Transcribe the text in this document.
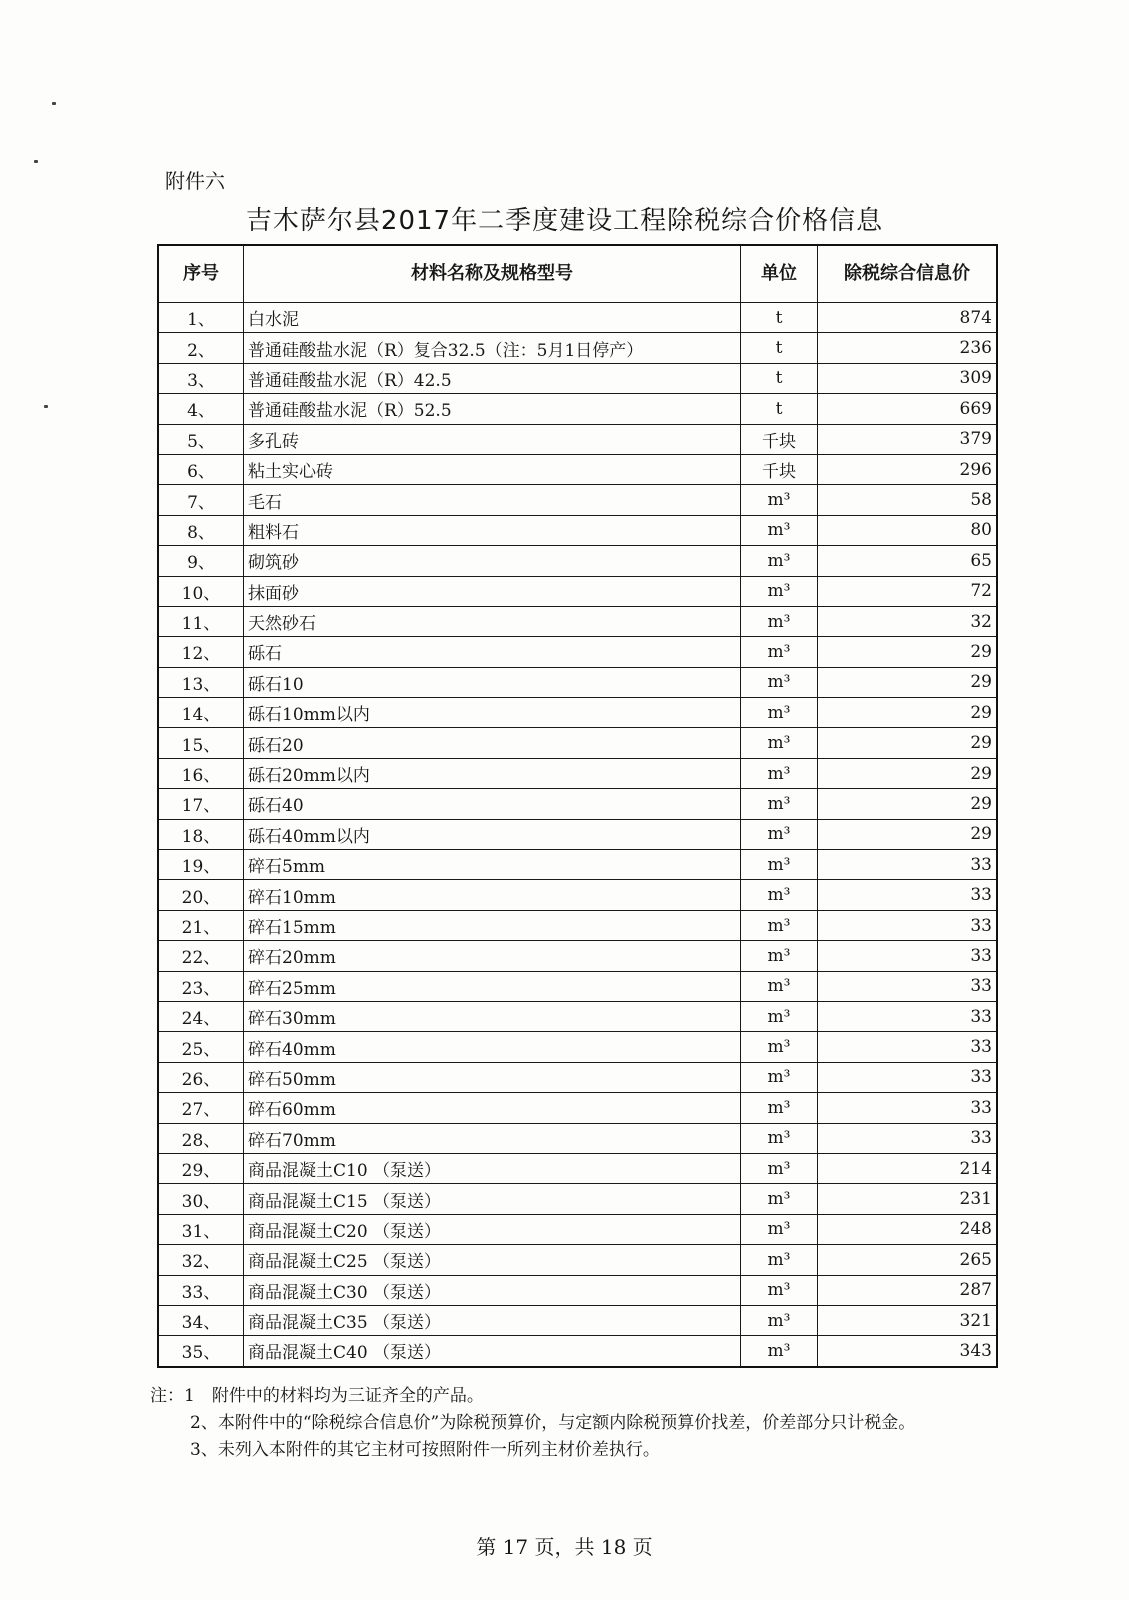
附件六
吉木萨尔县2017年二季度建设工程除税综合价格信息
序号	材料名称及规格型号	单位	除税综合信息价
1、	白水泥	t	874
2、	普通硅酸盐水泥（R）复合32.5（注：5月1日停产）	t	236
3、	普通硅酸盐水泥（R）42.5	t	309
4、	普通硅酸盐水泥（R）52.5	t	669
5、	多孔砖	千块	379
6、	粘土实心砖	千块	296
7、	毛石	m³	58
8、	粗料石	m³	80
9、	砌筑砂	m³	65
10、	抹面砂	m³	72
11、	天然砂石	m³	32
12、	砾石	m³	29
13、	砾石10	m³	29
14、	砾石10mm以内	m³	29
15、	砾石20	m³	29
16、	砾石20mm以内	m³	29
17、	砾石40	m³	29
18、	砾石40mm以内	m³	29
19、	碎石5mm	m³	33
20、	碎石10mm	m³	33
21、	碎石15mm	m³	33
22、	碎石20mm	m³	33
23、	碎石25mm	m³	33
24、	碎石30mm	m³	33
25、	碎石40mm	m³	33
26、	碎石50mm	m³	33
27、	碎石60mm	m³	33
28、	碎石70mm	m³	33
29、	商品混凝土C10 （泵送）	m³	214
30、	商品混凝土C15 （泵送）	m³	231
31、	商品混凝土C20 （泵送）	m³	248
32、	商品混凝土C25 （泵送）	m³	265
33、	商品混凝土C30 （泵送）	m³	287
34、	商品混凝土C35 （泵送）	m³	321
35、	商品混凝土C40 （泵送）	m³	343

注：1　附件中的材料均为三证齐全的产品。

2、本附件中的“除税综合信息价”为除税预算价，与定额内除税预算价找差，价差部分只计税金。

3、未列入本附件的其它主材可按照附件一所列主材价差执行。

第 17 页，共 18 页
